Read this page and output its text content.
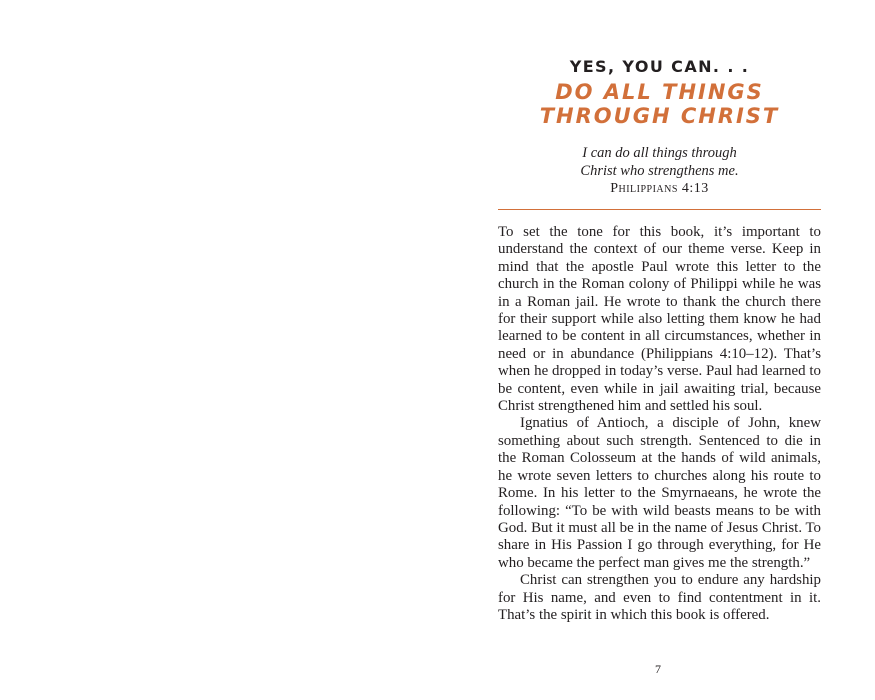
YES, YOU CAN. . .
DO ALL THINGS
THROUGH CHRIST
I can do all things through
Christ who strengthens me.
Philippians 4:13

To set the tone for this book, it’s important to understand the context of our theme verse. Keep in mind that the apostle Paul wrote this letter to the church in the Roman colony of Philippi while he was in a Roman jail. He wrote to thank the church there for their support while also letting them know he had learned to be content in all circumstances, whether in need or in abundance (Philippians 4:10–12). That’s when he dropped in today’s verse. Paul had learned to be content, even while in jail awaiting trial, because Christ strengthened him and settled his soul.

Ignatius of Antioch, a disciple of John, knew something about such strength. Sentenced to die in the Roman Colosseum at the hands of wild animals, he wrote seven letters to churches along his route to Rome. In his letter to the Smyrnaeans, he wrote the following: “To be with wild beasts means to be with God. But it must all be in the name of Jesus Christ. To share in His Passion I go through everything, for He who became the perfect man gives me the strength.”

Christ can strengthen you to endure any hardship for His name, and even to find contentment in it. That’s the spirit in which this book is offered.

7
